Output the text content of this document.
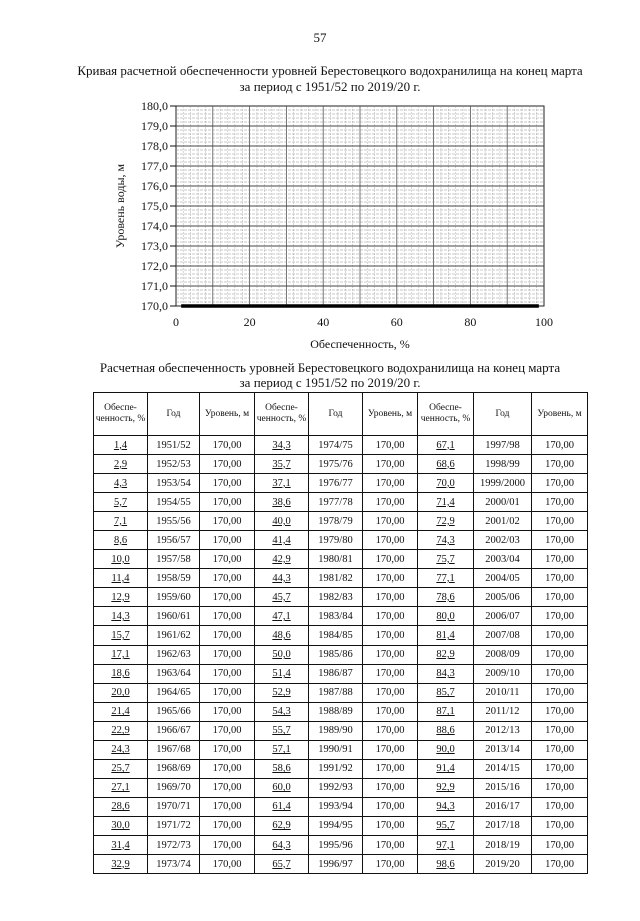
57
Кривая расчетной обеспеченности уровней Берестовецкого водохранилища на конец марта
за период с 1951/52 по 2019/20 г.
170,0
171,0
172,0
173,0
174,0
175,0
176,0
177,0
178,0
179,0
180,0
0	20	40	60	80	100
Обеспеченность, %
Уровень воды, м
Расчетная обеспеченность уровней Берестовецкого водохранилища на конец марта
за период с 1951/52 по 2019/20 г.
Обеспе-ченность, %	Год	Уровень, м	Обеспе-ченность, %	Год	Уровень, м	Обеспе-ченность, %	Год	Уровень, м
1,4	1951/52	170,00	34,3	1974/75	170,00	67,1	1997/98	170,00
2,9	1952/53	170,00	35,7	1975/76	170,00	68,6	1998/99	170,00
4,3	1953/54	170,00	37,1	1976/77	170,00	70,0	1999/2000	170,00
5,7	1954/55	170,00	38,6	1977/78	170,00	71,4	2000/01	170,00
7,1	1955/56	170,00	40,0	1978/79	170,00	72,9	2001/02	170,00
8,6	1956/57	170,00	41,4	1979/80	170,00	74,3	2002/03	170,00
10,0	1957/58	170,00	42,9	1980/81	170,00	75,7	2003/04	170,00
11,4	1958/59	170,00	44,3	1981/82	170,00	77,1	2004/05	170,00
12,9	1959/60	170,00	45,7	1982/83	170,00	78,6	2005/06	170,00
14,3	1960/61	170,00	47,1	1983/84	170,00	80,0	2006/07	170,00
15,7	1961/62	170,00	48,6	1984/85	170,00	81,4	2007/08	170,00
17,1	1962/63	170,00	50,0	1985/86	170,00	82,9	2008/09	170,00
18,6	1963/64	170,00	51,4	1986/87	170,00	84,3	2009/10	170,00
20,0	1964/65	170,00	52,9	1987/88	170,00	85,7	2010/11	170,00
21,4	1965/66	170,00	54,3	1988/89	170,00	87,1	2011/12	170,00
22,9	1966/67	170,00	55,7	1989/90	170,00	88,6	2012/13	170,00
24,3	1967/68	170,00	57,1	1990/91	170,00	90,0	2013/14	170,00
25,7	1968/69	170,00	58,6	1991/92	170,00	91,4	2014/15	170,00
27,1	1969/70	170,00	60,0	1992/93	170,00	92,9	2015/16	170,00
28,6	1970/71	170,00	61,4	1993/94	170,00	94,3	2016/17	170,00
30,0	1971/72	170,00	62,9	1994/95	170,00	95,7	2017/18	170,00
31,4	1972/73	170,00	64,3	1995/96	170,00	97,1	2018/19	170,00
32,9	1973/74	170,00	65,7	1996/97	170,00	98,6	2019/20	170,00
